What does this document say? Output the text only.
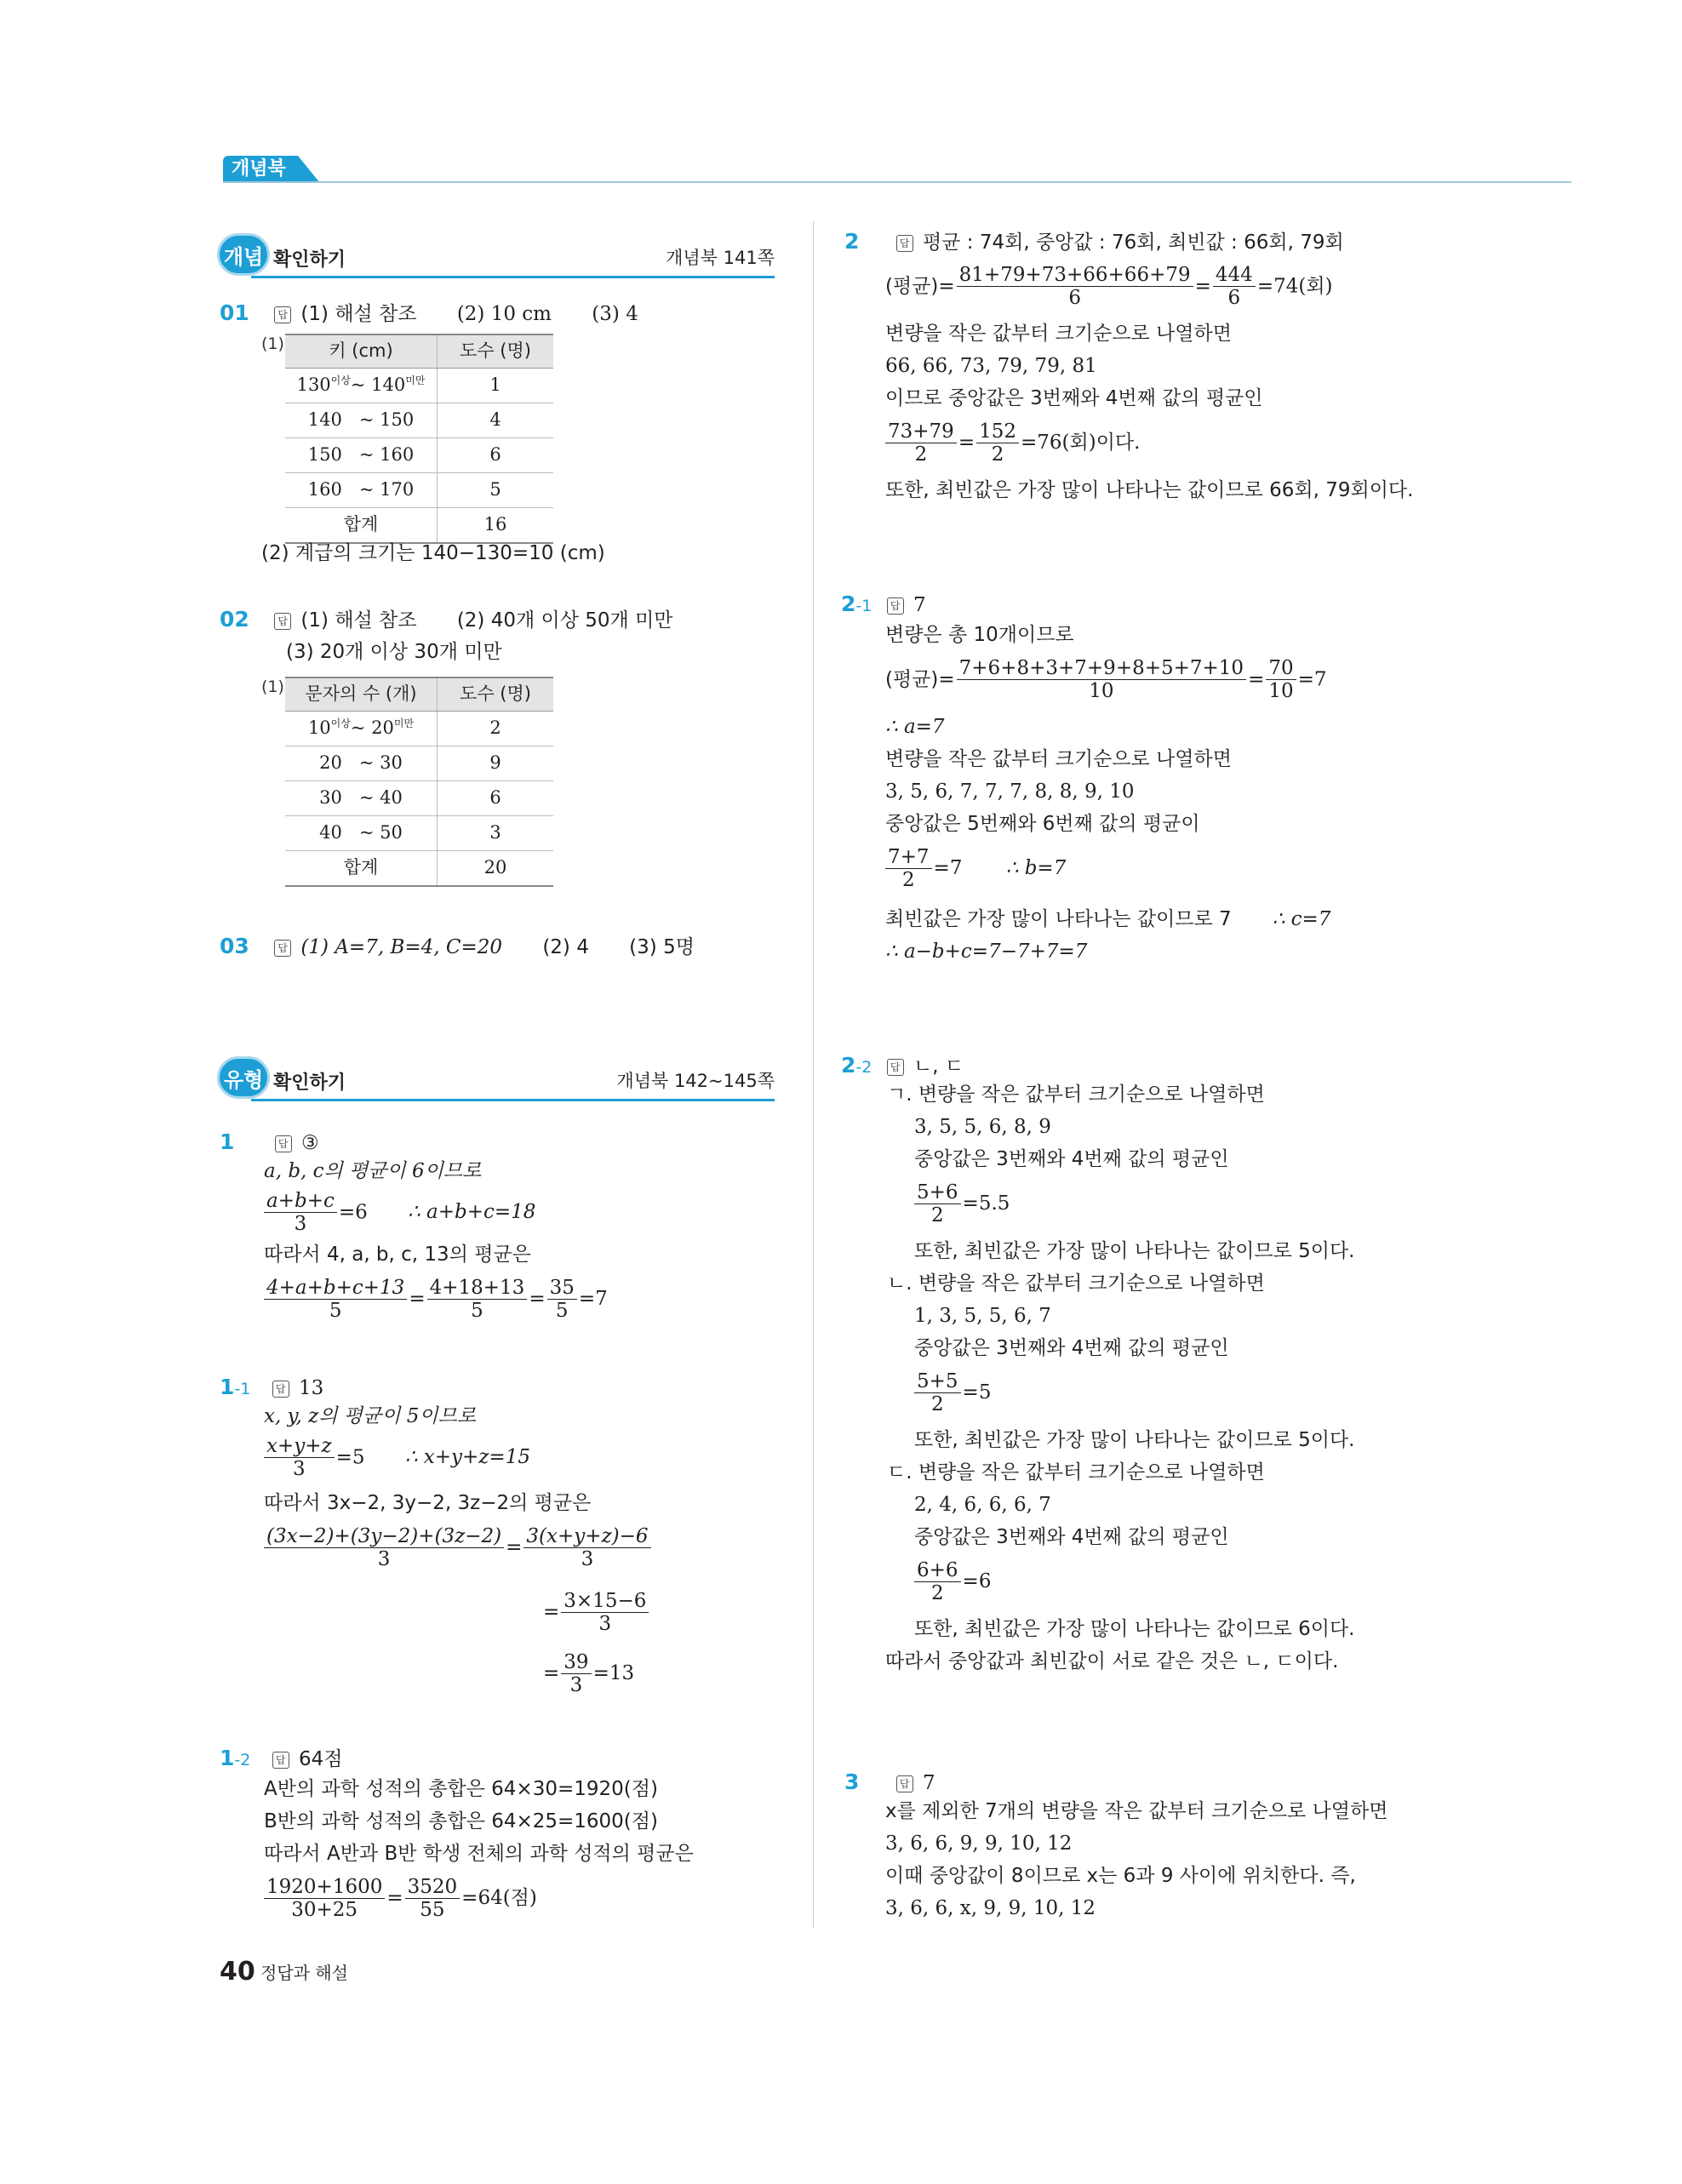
개념북
개념 확인하기	개념북 141쪽
01	답 (1) 해설 참조 (2) 10 cm (3) 4
(1) 키 (cm)	도수 (명)
$130^{이상}\sim$ $140^{미만}$	1
140   ~ 150	4
150   ~ 160	6
160   ~ 170	5
합계	16
(2) 계급의 크기는 140−130=10 (cm)
02	답 (1) 해설 참조 (2) 40개 이상 50개 미만
(3) 20개 이상 30개 미만
(1) 문자의 수 (개)	도수 (명)
$10^{이상}\sim$ $20^{미만}$	2
20   ~ 30	9
30   ~ 40	6
40   ~ 50	3
합계	20
03	답 (1) A=7, B=4, C=20 (2) 4 (3) 5명
유형 확인하기	개념북 142~145쪽
1	답 ③
a, b, c의 평균이 6이므로
$\frac{a+b+c}{3} =6$ ∴ a+b+c=18
따라서 4, a, b, c, 13의 평균은
$\frac{4+a+b+c+13}{5} = \frac{4+18+13}{5} = \frac{35}{5} =7$
1-1 답 13
x, y, z의 평균이 5이므로
$\frac{x+y+z}{3} =5$ ∴ x+y+z=15
따라서 3x−2, 3y−2, 3z−2의 평균은
$\frac{(3x-2)+(3y-2)+(3z-2)}{3} = \frac{3(x+y+z)-6}{3}$
= $\frac{3\times 15-6}{3}$
= $\frac{39}{3} =13$
1-2 답 64점
A반의 과학 성적의 총합은 64×30=1920(점)
B반의 과학 성적의 총합은 64×25=1600(점)
따라서 A반과 B반 학생 전체의 과학 성적의 평균은
$\frac{1920+1600}{30+25} = \frac{3520}{55} =64$(점)
2	답 평균 : 74회, 중앙값 : 76회, 최빈값 : 66회, 79회
(평균)= $\frac{81+79+73+66+66+79}{6} = \frac{444}{6} =74$(회)
변량을 작은 값부터 크기순으로 나열하면
66, 66, 73, 79, 79, 81
이므로 중앙값은 3번째와 4번째 값의 평균인
$\frac{73+79}{2} = \frac{152}{2} =76$(회)이다.
또한, 최빈값은 가장 많이 나타나는 값이므로 66회, 79회이다.
2-1 답 7
변량은 총 10개이므로
(평균)= $\frac{7+6+8+3+7+9+8+5+7+10}{10} = \frac{70}{10} =7$
∴ a=7
변량을 작은 값부터 크기순으로 나열하면
3, 5, 6, 7, 7, 7, 8, 8, 9, 10
중앙값은 5번째와 6번째 값의 평균이
$\frac{7+7}{2} =7$ ∴ b=7
최빈값은 가장 많이 나타나는 값이므로 7 ∴ c=7
∴ a−b+c=7−7+7=7
2-2 답 ㄴ, ㄷ
ㄱ. 변량을 작은 값부터 크기순으로 나열하면
3, 5, 5, 6, 8, 9
중앙값은 3번째와 4번째 값의 평균인
$\frac{5+6}{2} =5.5$
또한, 최빈값은 가장 많이 나타나는 값이므로 5이다.
ㄴ. 변량을 작은 값부터 크기순으로 나열하면
1, 3, 5, 5, 6, 7
중앙값은 3번째와 4번째 값의 평균인
$\frac{5+5}{2} =5$
또한, 최빈값은 가장 많이 나타나는 값이므로 5이다.
ㄷ. 변량을 작은 값부터 크기순으로 나열하면
2, 4, 6, 6, 6, 7
중앙값은 3번째와 4번째 값의 평균인
$\frac{6+6}{2} =6$
또한, 최빈값은 가장 많이 나타나는 값이므로 6이다.
따라서 중앙값과 최빈값이 서로 같은 것은 ㄴ, ㄷ이다.
3	답 7
x를 제외한 7개의 변량을 작은 값부터 크기순으로 나열하면
3, 6, 6, 9, 9, 10, 12
이때 중앙값이 8이므로 x는 6과 9 사이에 위치한다. 즉,
3, 6, 6, x, 9, 9, 10, 12
40 정답과 해설
